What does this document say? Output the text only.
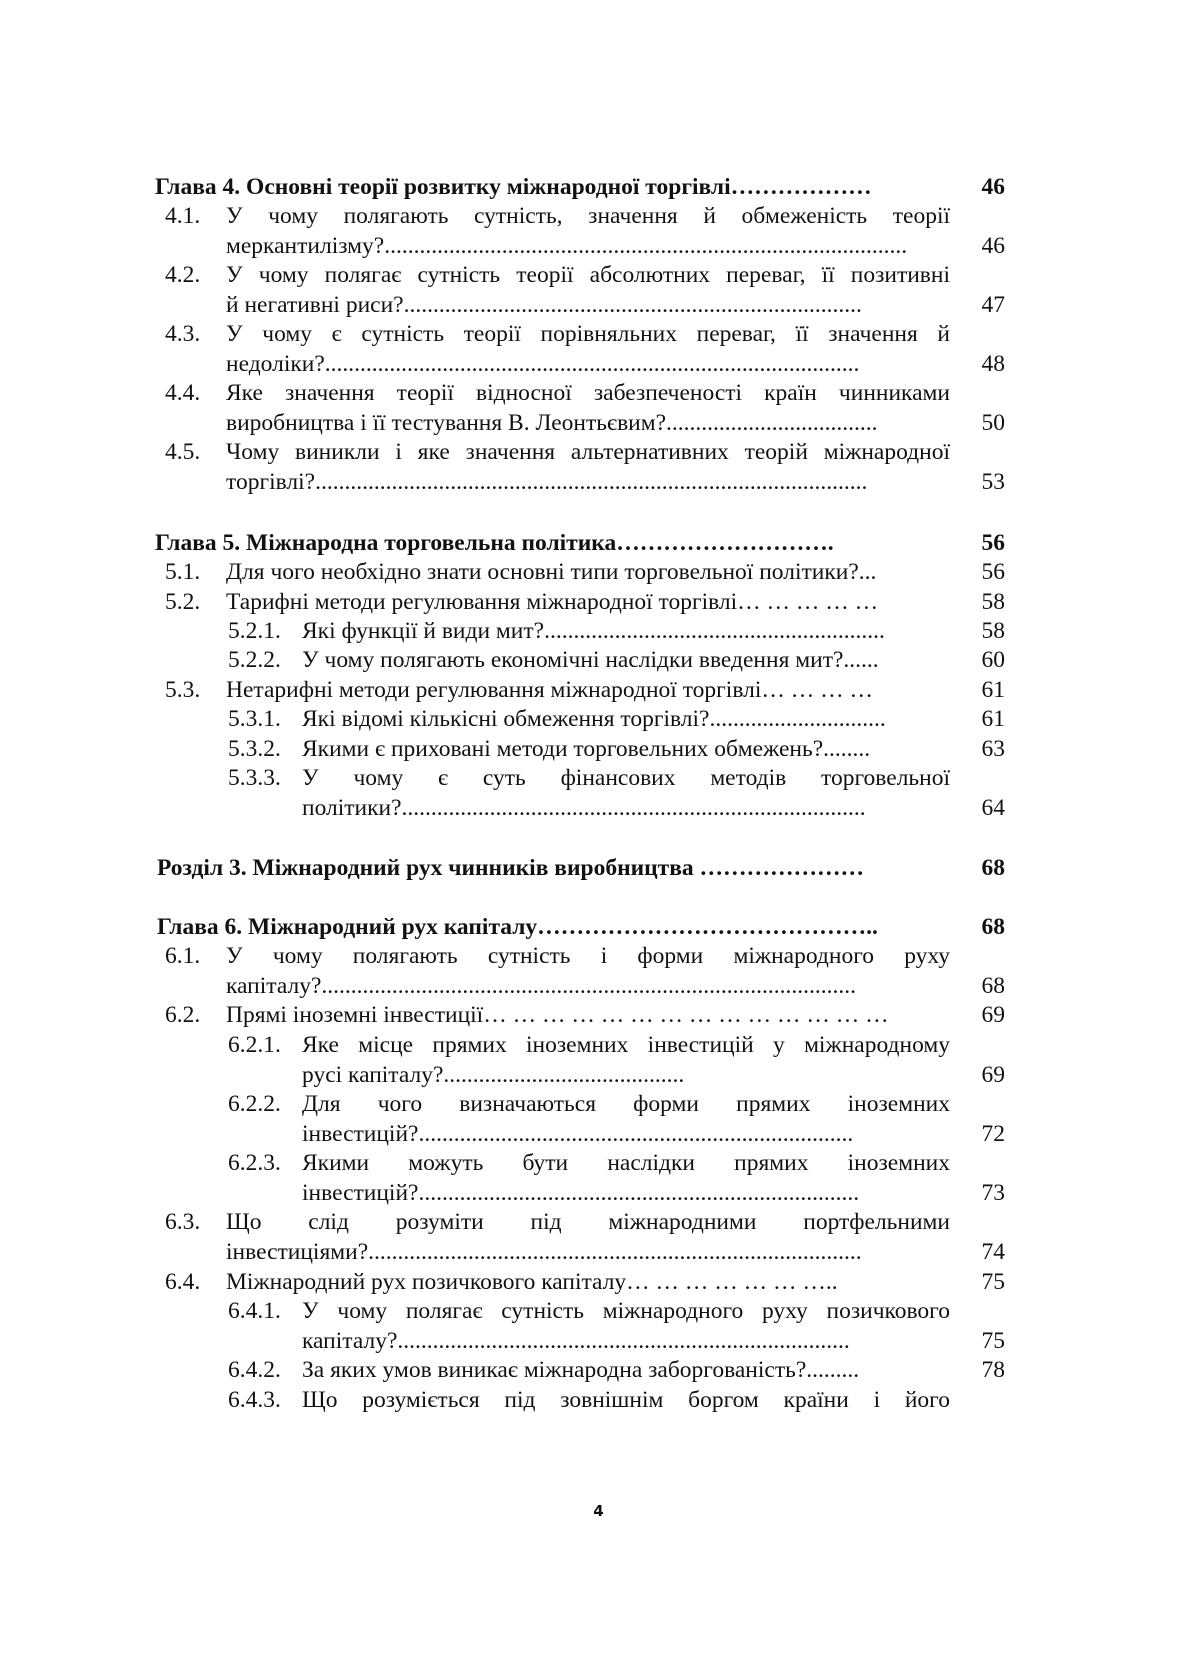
Глава 4. Основні теорії розвитку міжнародної торгівлі………………	46
4.1. У чому полягають сутність, значення й обмеженість теорії
меркантилізму?.........................................................................................	46
4.2. У чому полягає сутність теорії абсолютних переваг, її позитивні
й негативні риси?..............................................................................	47
4.3. У чому є сутність теорії порівняльних переваг, її значення й
недоліки?...........................................................................................	48
4.4. Яке значення теорії відносної забезпеченості країн чинниками
виробництва і її тестування В. Леонтьєвим?....................................	50
4.5. Чому виникли і яке значення альтернативних теорій міжнародної
торгівлі?..............................................................................................	53
Глава 5. Міжнародна торговельна політика……………………….	56
5.1. Для чого необхідно знати основні типи торговельної політики?...	56
5.2. Тарифні методи регулювання міжнародної торгівлі… … … … …	58
5.2.1. Які функції й види мит?..........................................................	58
5.2.2. У чому полягають економічні наслідки введення мит?......	60
5.3. Нетарифні методи регулювання міжнародної торгівлі… … … …	61
5.3.1. Які відомі кількісні обмеження торгівлі?..............................	61
5.3.2. Якими є приховані методи торговельних обмежень?........	63
5.3.3. У чому є суть фінансових методів торговельної
політики?...............................................................................	64
Розділ 3. Міжнародний рух чинників виробництва …………………	68
Глава 6. Міжнародний рух капіталу……………………………………..	68
6.1. У чому полягають сутність і форми міжнародного руху
капіталу?...........................................................................................	68
6.2. Прямі іноземні інвестиції… … … … … … … … … … … … … …	69
6.2.1. Яке місце прямих іноземних інвестицій у міжнародному
русі капіталу?.........................................	69
6.2.2. Для чого визначаються форми прямих іноземних
інвестицій?..........................................................................	72
6.2.3. Якими можуть бути наслідки прямих іноземних
інвестицій?...........................................................................	73
6.3. Що слід розуміти під міжнародними портфельними
інвестиціями?....................................................................................	74
6.4. Міжнародний рух позичкового капіталу… … … … … … …..	75
6.4.1. У чому полягає сутність міжнародного руху позичкового
капіталу?.............................................................................	75
6.4.2. За яких умов виникає міжнародна заборгованість?.........	78
6.4.3. Що розуміється під зовнішнім боргом країни і його
4
